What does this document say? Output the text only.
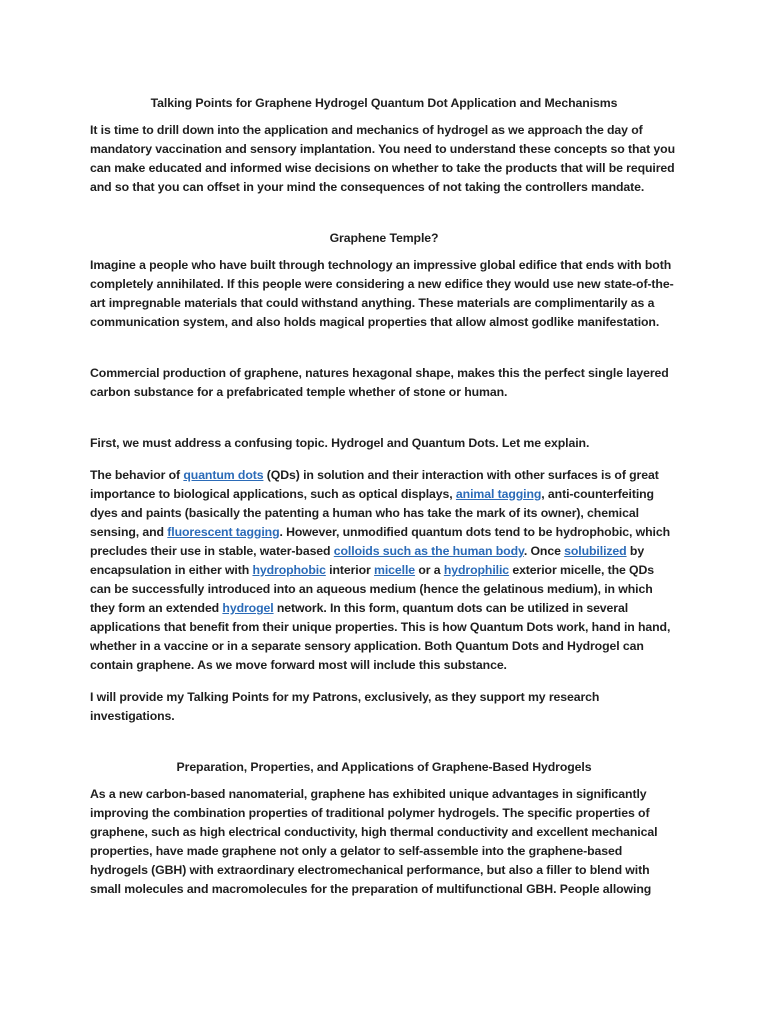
Talking Points for Graphene Hydrogel Quantum Dot Application and Mechanisms

It is time to drill down into the application and mechanics of hydrogel as we approach the day of mandatory vaccination and sensory implantation. You need to understand these concepts so that you can make educated and informed wise decisions on whether to take the products that will be required and so that you can offset in your mind the consequences of not taking the controllers mandate.

Graphene Temple?

Imagine a people who have built through technology an impressive global edifice that ends with both completely annihilated. If this people were considering a new edifice they would use new state-of-the-art impregnable materials that could withstand anything. These materials are complimentarily as a communication system, and also holds magical properties that allow almost godlike manifestation.

Commercial production of graphene, natures hexagonal shape, makes this the perfect single layered carbon substance for a prefabricated temple whether of stone or human.

First, we must address a confusing topic. Hydrogel and Quantum Dots. Let me explain.

The behavior of quantum dots (QDs) in solution and their interaction with other surfaces is of great importance to biological applications, such as optical displays, animal tagging, anti-counterfeiting dyes and paints (basically the patenting a human who has take the mark of its owner), chemical sensing, and fluorescent tagging. However, unmodified quantum dots tend to be hydrophobic, which precludes their use in stable, water-based colloids such as the human body. Once solubilized by encapsulation in either with hydrophobic interior micelle or a hydrophilic exterior micelle, the QDs can be successfully introduced into an aqueous medium (hence the gelatinous medium), in which they form an extended hydrogel network. In this form, quantum dots can be utilized in several applications that benefit from their unique properties. This is how Quantum Dots work, hand in hand, whether in a vaccine or in a separate sensory application. Both Quantum Dots and Hydrogel can contain graphene. As we move forward most will include this substance.

I will provide my Talking Points for my Patrons, exclusively, as they support my research investigations.

Preparation, Properties, and Applications of Graphene-Based Hydrogels

As a new carbon-based nanomaterial, graphene has exhibited unique advantages in significantly improving the combination properties of traditional polymer hydrogels. The specific properties of graphene, such as high electrical conductivity, high thermal conductivity and excellent mechanical properties, have made graphene not only a gelator to self-assemble into the graphene-based hydrogels (GBH) with extraordinary electromechanical performance, but also a filler to blend with small molecules and macromolecules for the preparation of multifunctional GBH. People allowing
